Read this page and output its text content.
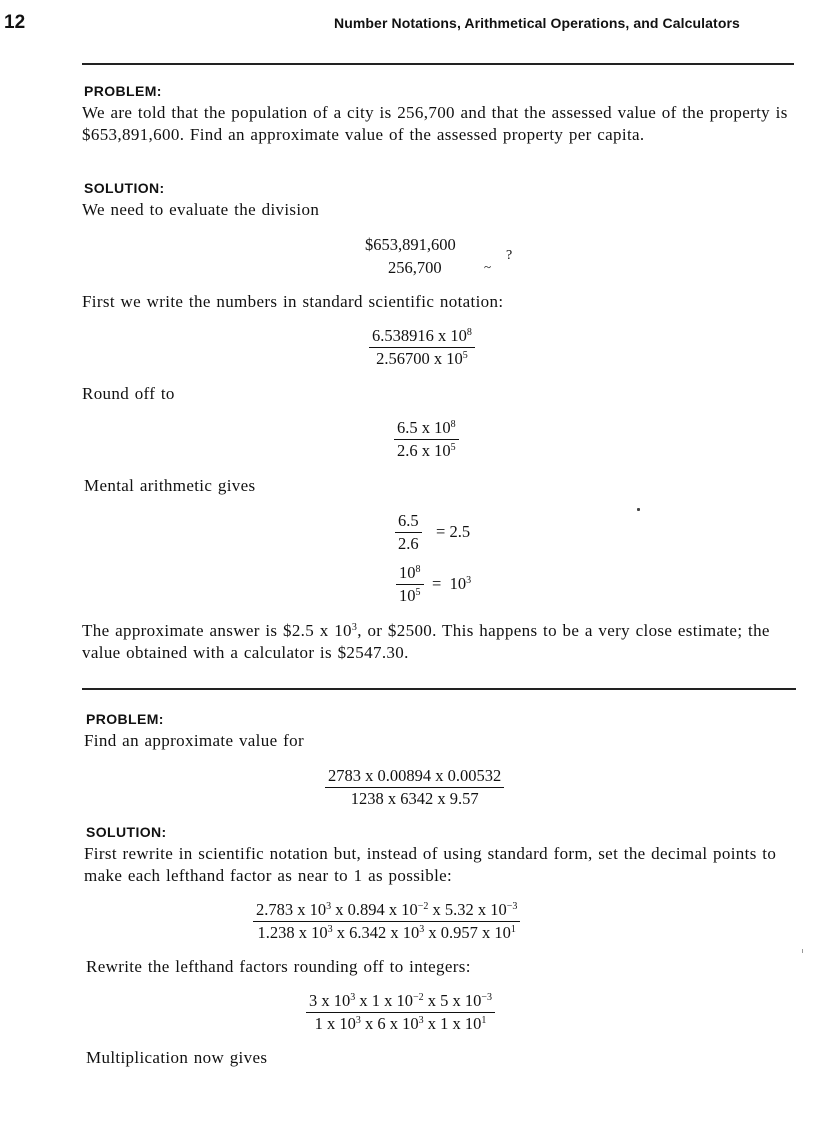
12	Number Notations, Arithmetical Operations, and Calculators
PROBLEM:
We are told that the population of a city is 256,700 and that the assessed value of the property is $653,891,600. Find an approximate value of the assessed property per capita.
SOLUTION:
We need to evaluate the division
$653,891,600
256,700	~
?
First we write the numbers in standard scientific notation:
$\frac{6.538916 x 10^8}{2.56700 x 10^5}$
Round off to
$\frac{6.5 x 10^8}{2.6 x 10^5}$
Mental arithmetic gives
$\frac{6.5}{2.6} = 2.5$
$\frac{10^8}{10^5} = 10^3$
The approximate answer is $2.5 x $10^3$, or $2500. This happens to be a very close estimate; the value obtained with a calculator is $2547.30.
PROBLEM:
Find an approximate value for
$\frac{2783 x 0.00894 x 0.00532}{1238 x 6342 x 9.57}$
SOLUTION:
First rewrite in scientific notation but, instead of using standard form, set the decimal points to make each lefthand factor as near to 1 as possible:
$\frac{2.783 x 10^3 x 0.894 x 10^{-2} x 5.32 x 10^{-3}}{1.238 x 10^3 x 6.342 x 10^3 x 0.957 x 10^1}$
Rewrite the lefthand factors rounding off to integers:
$\frac{3 x 10^3 x 1 x 10^{-2} x 5 x 10^{-3}}{1 x 10^3 x 6 x 10^3 x 1 x 10^1}$
Multiplication now gives
